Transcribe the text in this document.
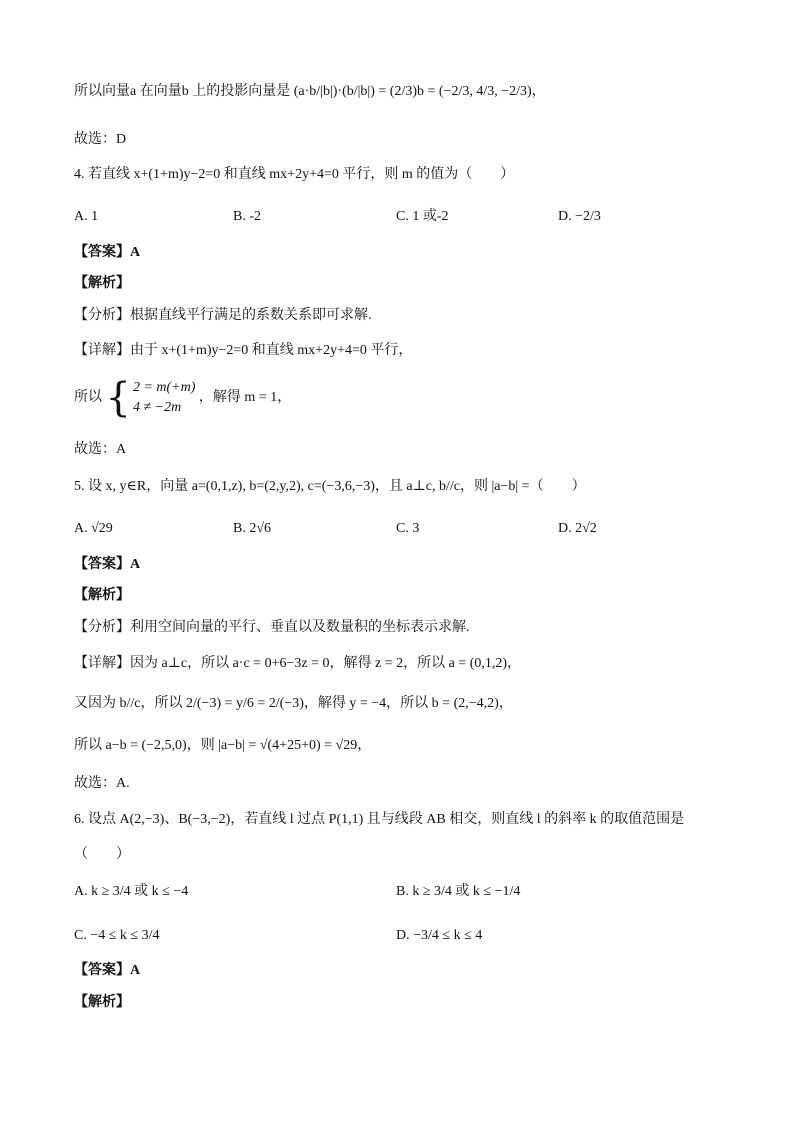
所以向量a 在向量b 上的投影向量是 (a·b/|b|)·(b/|b|) = (2/3)b = (−2/3, 4/3, −2/3)，
故选：D
4. 若直线 x+(1+m)y−2=0 和直线 mx+2y+4=0 平行，则 m 的值为（　　）
A. 1	B. -2	C. 1 或-2	D. −2/3
【答案】A
【解析】
【分析】根据直线平行满足的系数关系即可求解.
【详解】由于 x+(1+m)y−2=0 和直线 mx+2y+4=0 平行，
所以 { 2 = m(+m)
4 ≠ −2m
，解得 m = 1，
故选：A
5. 设 x, y∈R，向量 a=(0,1,z), b=(2,y,2), c=(−3,6,−3)，且 a⊥c, b//c，则 |a−b| =（　　）
A. √29	B. 2√6	C. 3	D. 2√2
【答案】A
【解析】
【分析】利用空间向量的平行、垂直以及数量积的坐标表示求解.
【详解】因为 a⊥c，所以 a·c = 0+6−3z = 0，解得 z = 2，所以 a = (0,1,2)，
又因为 b//c，所以 2/(−3) = y/6 = 2/(−3)，解得 y = −4，所以 b = (2,−4,2)，
所以 a−b = (−2,5,0)，则 |a−b| = √(4+25+0) = √29，
故选：A.
6. 设点 A(2,−3)、B(−3,−2)，若直线 l 过点 P(1,1) 且与线段 AB 相交，则直线 l 的斜率 k 的取值范围是
（　　）
A. k ≥ 3/4 或 k ≤ −4	B. k ≥ 3/4 或 k ≤ −1/4
C. −4 ≤ k ≤ 3/4	D. −3/4 ≤ k ≤ 4
【答案】A
【解析】
